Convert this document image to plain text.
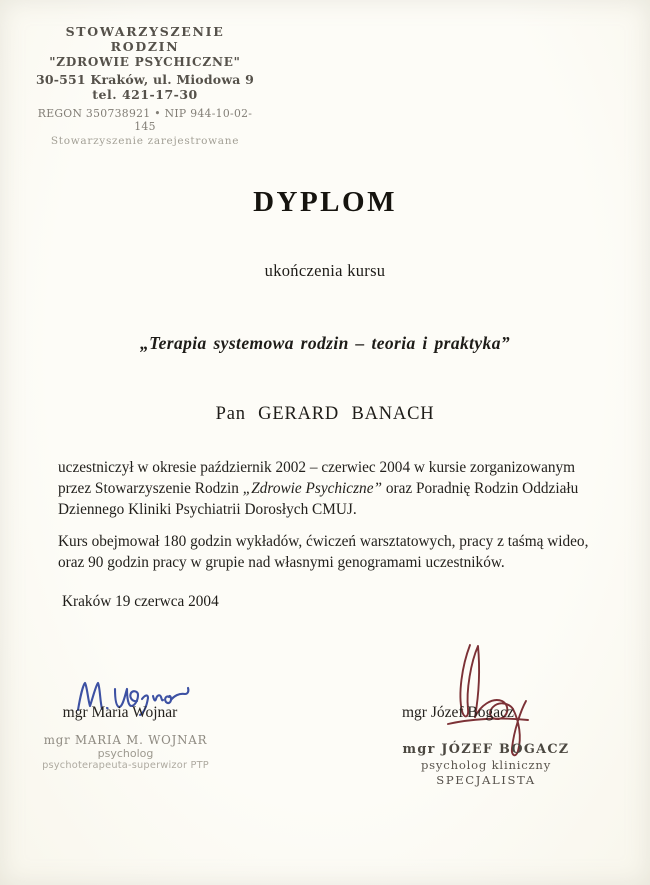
STOWARZYSZENIE RODZIN
"ZDROWIE PSYCHICZNE"
30-551 Kraków, ul. Miodowa 9
tel. 421-17-30
REGON 350738921 • NIP 944-10-02-145
Stowarzyszenie zarejestrowane
DYPLOM
ukończenia kursu
„Terapia systemowa rodzin – teoria i praktyka”
Pan GERARD BANACH
uczestniczył w okresie październik 2002 – czerwiec 2004 w kursie zorganizowanym przez Stowarzyszenie Rodzin „Zdrowie Psychiczne” oraz Poradnię Rodzin Oddziału Dziennego Kliniki Psychiatrii Dorosłych CMUJ.
Kurs obejmował 180 godzin wykładów, ćwiczeń warsztatowych, pracy z taśmą wideo, oraz 90 godzin pracy w grupie nad własnymi genogramami uczestników.
Kraków 19 czerwca 2004
mgr Maria Wojnar
mgr MARIA M. WOJNAR
psycholog
psychoterapeuta-superwizor PTP
mgr Józef Bogacz
mgr JÓZEF BOGACZ
psycholog kliniczny
SPECJALISTA
